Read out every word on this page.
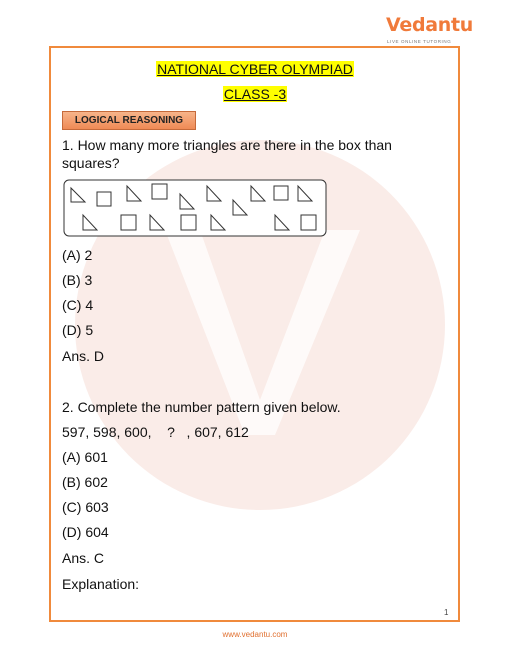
Vedantu
LIVE ONLINE TUTORING
NATIONAL CYBER OLYMPIAD
CLASS -3
LOGICAL REASONING
1. How many more triangles are there in the box than
squares?
(A) 2
(B) 3
(C) 4
(D) 5
Ans. D
2. Complete the number pattern given below.
597, 598, 600,    ?   , 607, 612
(A) 601
(B) 602
(C) 603
(D) 604
Ans. C
Explanation:
1
www.vedantu.com
